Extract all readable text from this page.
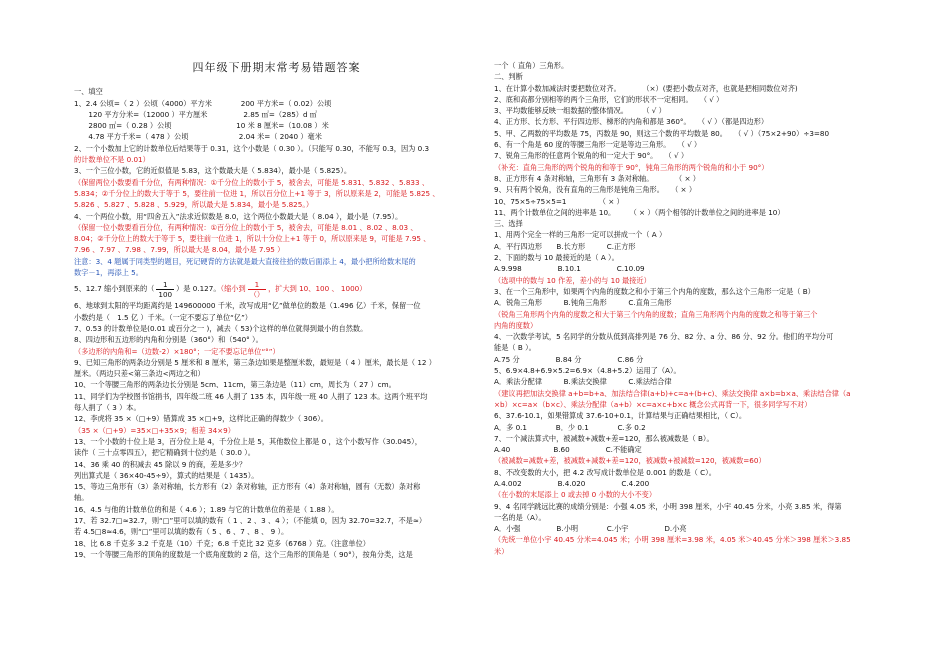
四年级下册期末常考易错题答案
一、填空
1、2.4 公顷=（ 2 ）公顷（4000）平方米　　　　200 平方米=（ 0.02）公顷
　　120 平方分米=（12000 ）平方厘米　　　　　2.85 ㎡=（285）d ㎡
　　2800 ㎡=（ 0.28 ）公顷　　　　　　　　　10 米 8 厘米=（10.08 ）米
　　4.78 平方千米=（ 478 ）公顷　　　　　　　2.04 米=（ 2040 ）毫米
2、一个小数加上它的计数单位后结果等于 0.31，这个小数是（ 0.30 ）。（只能写 0.30，不能写 0.3，因为 0.3
的计数单位不是 0.01）
3、一个三位小数，它的近似值是 5.83，这个数最大是（ 5.834），最小是（ 5.825）。
（保留两位小数要看千分位，有两种情况：①千分位上的数小于 5，被舍去，可能是 5.831、5.832 、5.833 、
5.834；②千分位上的数大于等于 5，要往前一位进 1，所以百分位上+1 等于 3，所以原来是 2，可能是 5.825 、
5.826 、5.827 、5.828 、5.929，所以最大是 5.834，最小是 5.825。）
4、一个两位小数，用“四舍五入”法求近似数是 8.0，这个两位小数最大是（ 8.04 ），最小是（7.95）。
（保留一位小数要看百分位，有两种情况：①百分位上的数小于 5，被舍去，可能是 8.01 、8.02 、8.03 、
8.04；②千分位上的数大于等于 5，要往前一位进 1，所以十分位上+1 等于 0，所以原来是 9，可能是 7.95 、
7.96 、7.97 、7.98 、7.99，所以最大是 8.04，最小是 7.95 ）
注意：3、4 题属于同类型的题目，死记硬背的方法就是最大直接往拾的数后面添上 4，最小把所给数末尾的
数字－1，再添上 5。
5、12.7 缩小到原来的（ $\frac{1}{100}$ ）是 0.127。（缩小到 $\frac{1}{()}$ ，扩大到 10、100 、 1000）
6、地球到太阳的平均距离约是 149600000 千米，改写成用“亿”做单位的数是（1.496 亿）千米，保留一位
小数约是（　1.5 亿 ）千米。（一定不要忘了单位“亿”）
7、0.53 的计数单位是(0.01 或百分之一 )，减去（ 53)个这样的单位就得到最小的自然数。
8、四边形和五边形的内角和分别是（360°）和（540° ）。
（多边形的内角和=（边数-2）×180°；一定不要忘记单位“°”）
9、已知三角形的两条边分别是 5 厘米和 8 厘米，第三条边如果是整厘米数，最短是（ 4 ）厘米，最长是（ 12 ）
厘米。（两边只差<第三条边<两边之和）
10、一个等腰三角形的两条边长分别是 5cm、11cm，第三条边是（11）cm，周长为（ 27 ）cm。
11、同学们为学校图书馆捐书，四年级二班 46 人捐了 135 本，四年级一班 40 人捐了 123 本。这两个班平均
每人捐了（ 3 ）本。
12、李虎将 35 ×（□+9）错算成 35 ×□+9，这样比正确的得数少（ 306）。
（35 ×（□+9）=35×□+35×9；相差 34×9）
13、一个小数的十位上是 3，百分位上是 4，千分位上是 5，其他数位上都是 0 ，这个小数写作（30.045），
读作（ 三十点零四五），把它精确到十位约是（ 30.0 ）。
14、36 乘 40 的积减去 45 除以 9 的商，差是多少？
列出算式是（ 36×40-45÷9），算式的结果是（ 1435）。
15、等边三角形有（3）条对称轴，长方形有（2）条对称轴，正方形有（4）条对称轴，圆有（无数）条对称
轴。
16、4.5 与他的计数单位的和是（ 4.6 ）；1.89 与它的计数单位的差是（ 1.88 ）。
17、若 32.7□≈32.7，则“□”里可以填的数有（ 1 、2 、3 、4 ）；（不能填 0，因为 32.70=32.7，不是≈）
若 4.5□8≈4.6，则“□”里可以填的数有（ 5 、6 、7 、8 、 9 ）。
18、比 6.8 千克多 3.2 千克是（10）千克；6.8 千克比 32 克多（6768 ）克。（注意单位）
19、一个等腰三角形的顶角的度数是一个底角度数的 2 倍，这个三角形的顶角是（ 90°），按角分类，这是
一个（ 直角）三角形。
二、判断
1、在计算小数加减法时要把数位对齐。　　　　（×）(要把小数点对齐，也就是把相同数位对齐)
2、底和高都分别相等的两个三角形，它们的形状不一定相同。　　（ √ ）
3、平均数能够反映一组数据的整体情况。　　　（ √ ）
4、正方形、长方形、平行四边形、梯形的内角和都是 360°。　　（ √ ）（都是四边形）
5、甲、乙两数的平均数是 75，丙数是 90，则这三个数的平均数是 80。　　（ √ ）（75×2+90）÷3=80
6、有一个角是 60 度的等腰三角形一定是等边三角形。　　（ √ ）
7、锐角三角形的任意两个锐角的和一定大于 90°。　　（ √ ）
（补充：直角三角形的两个锐角的和等于 90°，钝角三角形的两个锐角的和小于 90°）
8、正方形有 4 条对称轴，三角形有 3 条对称轴。　　　　（ × ）
9、只有两个锐角，没有直角的三角形是钝角三角形。　　（ × ）
10、75×5÷75×5=1　　　　　（ × ）
11、两个计数单位之间的进率是 10。　　　（ × ）（两个相邻的计数单位之间的进率是 10）
三、选择
1、用两个完全一样的三角形一定可以拼成一个（ A ）
A．平行四边形　　B.长方形　　　C.正方形
2、下面的数与 10 最接近的是（ A ）。
A.9.998　　　　　B.10.1　　　　　C.10.09
（选项中的数与 10 作差，差小的与 10 最接近）
3、在一个三角形中，如果两个内角的度数之和小于第三个内角的度数，那么这个三角形一定是（ B）
A．锐角三角形　　　B.钝角三角形　　　C.直角三角形
（锐角三角形两个内角的度数之和大于第三个内角的度数；直角三角形两个内角的度数之和等于第三个
内角的度数）
4、一次数学考试，5 名同学的分数从低到高排列是 76 分、82 分、a 分、86 分、92 分。他们的平均分可
能是（ B ）。
A.75 分　　　　　B.84 分　　　　　C.86 分
5、6.9×4.8+6.9×5.2=6.9×（4.8+5.2）运用了（A）。
A．乘法分配律　　　B.乘法交换律　　　C.乘法结合律
（建议再把加法交换律 a+b=b+a、加法结合律(a+b)+c=a+(b+c)、乘法交换律 a×b=b×a、乘法结合律（a
×b）×c=a×（b×c）、乘法分配律（a+b）×c=a×c+b×c 概念公式再背一下，很多同学写不对）
6、37.6-10.1，如果错算成 37.6-10+0.1，计算结果与正确结果相比，（ C）。
A．多 0.1　　　　B．少 0.1　　　　C.多 0.2
7、一个减法算式中，被减数+减数+差=120，那么被减数是（ B）。
A.40　　　　　　B.60　　　　　C.不能确定
（被减数=减数+差，被减数+减数+差=120，被减数+被减数=120，被减数=60）
8、不改变数的大小，把 4.2 改写成计数单位是 0.001 的数是（ C）。
A.4.002　　　　　B.4.020　　　　　C.4.200
（在小数的末尾添上 0 或去掉 0 小数的大小不变）
9、4 名同学跳远比赛的成绩分别是：小强 4.05 米，小明 398 厘米，小宇 40.45 分米，小亮 3.85 米，得第
一名的是（A）。
A．小强　　　　　B.小明　　　　C.小宇　　　　　D.小亮
（先统一单位小宇 40.45 分米=4.045 米；小明 398 厘米=3.98 米，4.05 米＞40.45 分米＞398 厘米＞3.85
米）
